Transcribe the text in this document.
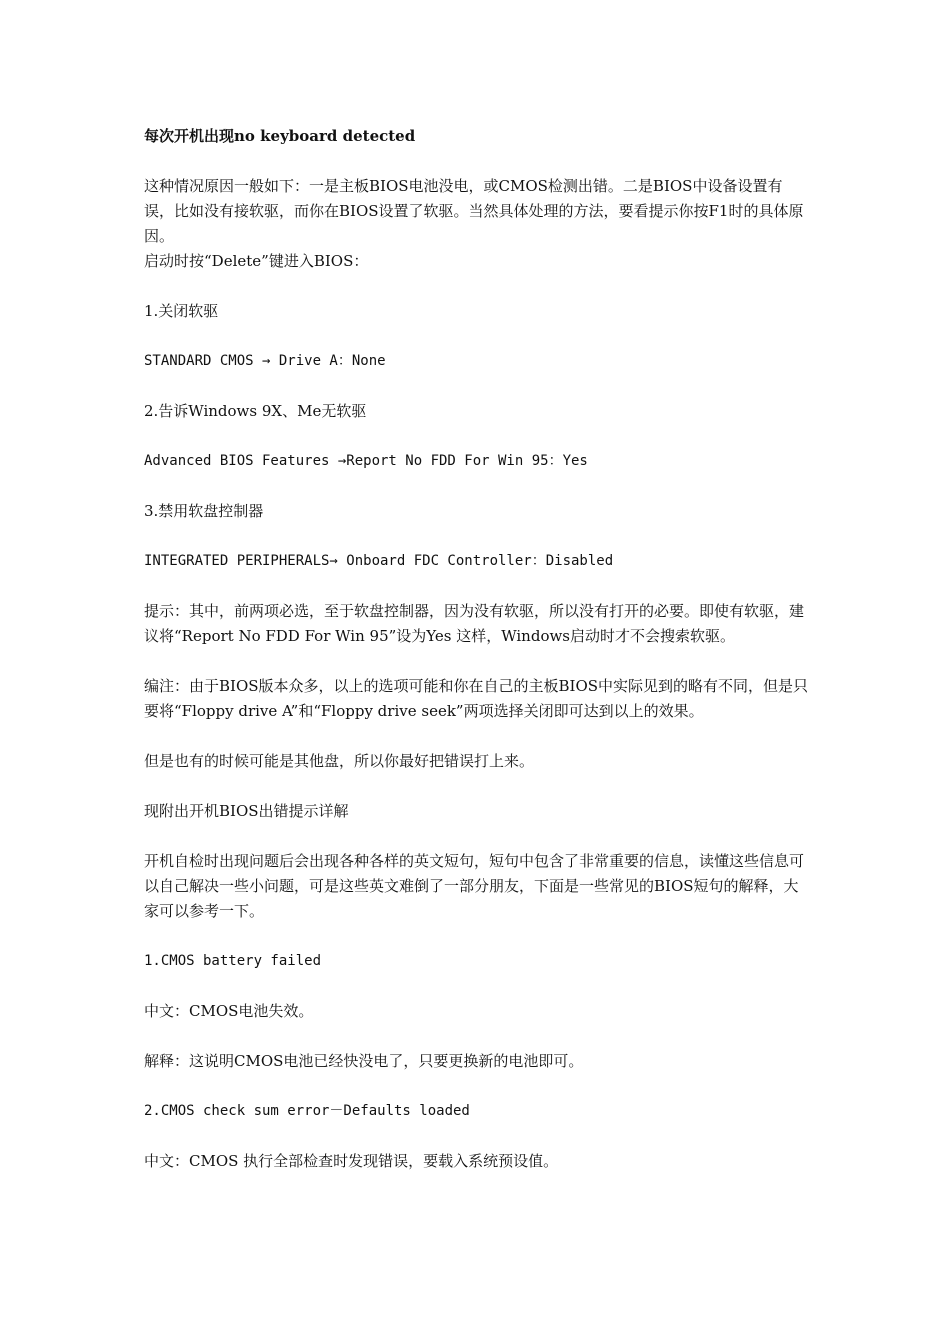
每次开机出现no keyboard detected

这种情况原因一般如下：一是主板BIOS电池没电，或CMOS检测出错。二是BIOS中设备设置有误，比如没有接软驱，而你在BIOS设置了软驱。当然具体处理的方法，要看提示你按F1时的具体原因。

启动时按“Delete”键进入BIOS：

1.关闭软驱

STANDARD CMOS → Drive A：None

2.告诉Windows 9X、Me无软驱

Advanced BIOS Features →Report No FDD For Win 95：Yes

3.禁用软盘控制器

INTEGRATED PERIPHERALS→ Onboard FDC Controller：Disabled

提示：其中，前两项必选，至于软盘控制器，因为没有软驱，所以没有打开的必要。即使有软驱，建议将“Report No FDD For Win 95”设为Yes 这样，Windows启动时才不会搜索软驱。

编注：由于BIOS版本众多，以上的选项可能和你在自己的主板BIOS中实际见到的略有不同，但是只要将“Floppy drive A”和“Floppy drive seek”两项选择关闭即可达到以上的效果。

但是也有的时候可能是其他盘，所以你最好把错误打上来。

现附出开机BIOS出错提示详解

开机自检时出现问题后会出现各种各样的英文短句，短句中包含了非常重要的信息，读懂这些信息可以自己解决一些小问题，可是这些英文难倒了一部分朋友，下面是一些常见的BIOS短句的解释，大家可以参考一下。

1.CMOS battery failed

中文：CMOS电池失效。

解释：这说明CMOS电池已经快没电了，只要更换新的电池即可。

2.CMOS check sum error－Defaults loaded

中文：CMOS 执行全部检查时发现错误，要载入系统预设值。
